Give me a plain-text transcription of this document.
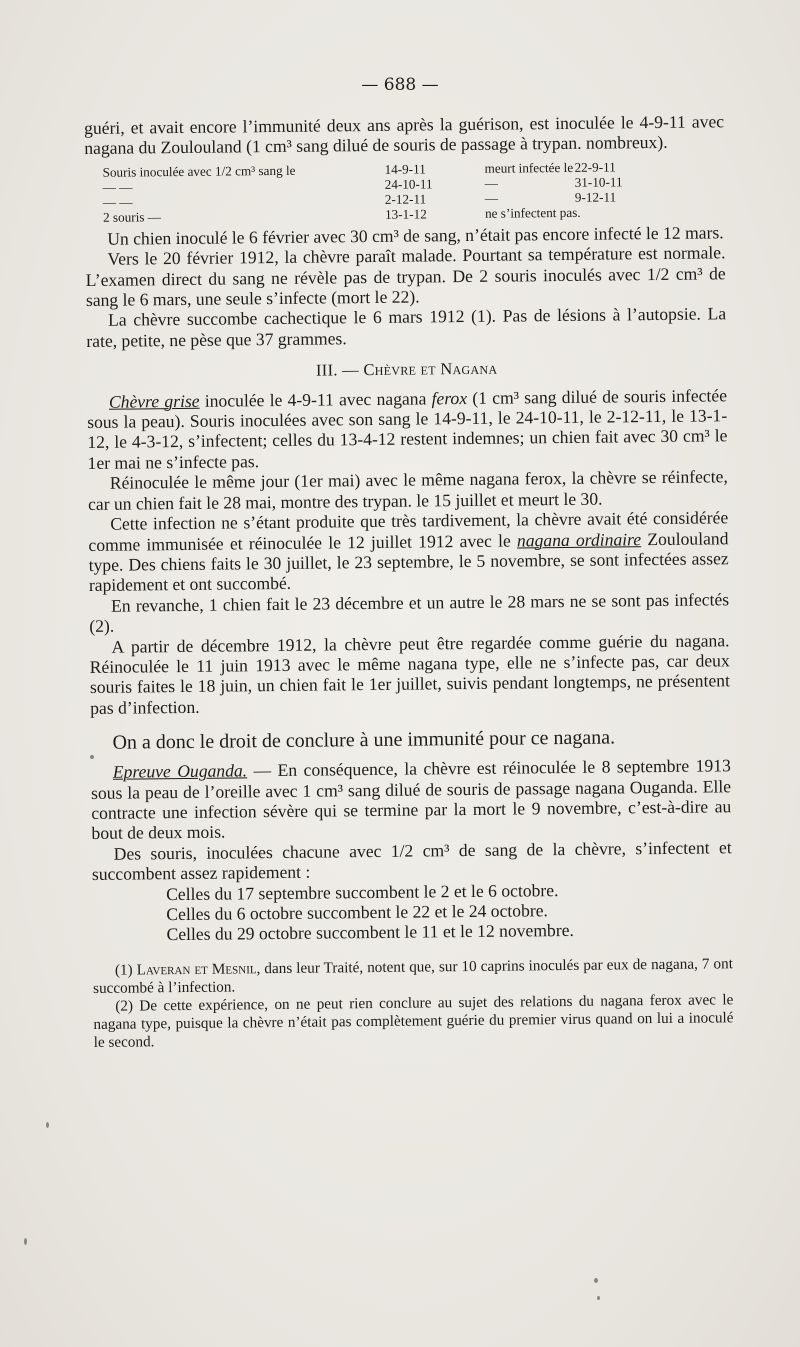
— 688 —

guéri, et avait encore l’immunité deux ans après la guérison, est inoculée le 4-9-11 avec nagana du Zoulouland (1 cm³ sang dilué de souris de passage à trypan. nombreux).

Souris inoculée avec 1/2 cm³ sang le	14-9-11	meurt infectée le 22-9-11
— —	24-10-11	—	31-10-11
— —	2-12-11	—	9-12-11
2 souris —	13-1-12	ne s’infectent pas.

Un chien inoculé le 6 février avec 30 cm³ de sang, n’était pas encore infecté le 12 mars.

Vers le 20 février 1912, la chèvre paraît malade. Pourtant sa température est normale. L’examen direct du sang ne révèle pas de trypan. De 2 souris inoculés avec 1/2 cm³ de sang le 6 mars, une seule s’infecte (mort le 22).

La chèvre succombe cachectique le 6 mars 1912 (1). Pas de lésions à l’autopsie. La rate, petite, ne pèse que 37 grammes.

III. — Chèvre et Nagana

Chèvre grise inoculée le 4-9-11 avec nagana ferox (1 cm³ sang dilué de souris infectée sous la peau). Souris inoculées avec son sang le 14-9-11, le 24-10-11, le 2-12-11, le 13-1-12, le 4-3-12, s’infectent; celles du 13-4-12 restent indemnes; un chien fait avec 30 cm³ le 1er mai ne s’infecte pas.

Réinoculée le même jour (1er mai) avec le même nagana ferox, la chèvre se réinfecte, car un chien fait le 28 mai, montre des trypan. le 15 juillet et meurt le 30.

Cette infection ne s’étant produite que très tardivement, la chèvre avait été considérée comme immunisée et réinoculée le 12 juillet 1912 avec le nagana ordinaire Zoulouland type. Des chiens faits le 30 juillet, le 23 septembre, le 5 novembre, se sont infectées assez rapidement et ont succombé.

En revanche, 1 chien fait le 23 décembre et un autre le 28 mars ne se sont pas infectés (2).

A partir de décembre 1912, la chèvre peut être regardée comme guérie du nagana. Réinoculée le 11 juin 1913 avec le même nagana type, elle ne s’infecte pas, car deux souris faites le 18 juin, un chien fait le 1er juillet, suivis pendant longtemps, ne présentent pas d’infection.

On a donc le droit de conclure à une immunité pour ce nagana.

Epreuve Ouganda. — En conséquence, la chèvre est réinoculée le 8 septembre 1913 sous la peau de l’oreille avec 1 cm³ sang dilué de souris de passage nagana Ouganda. Elle contracte une infection sévère qui se termine par la mort le 9 novembre, c’est-à-dire au bout de deux mois.

Des souris, inoculées chacune avec 1/2 cm³ de sang de la chèvre, s’infectent et succombent assez rapidement :

Celles du 17 septembre succombent le 2 et le 6 octobre.
Celles du 6 octobre succombent le 22 et le 24 octobre.
Celles du 29 octobre succombent le 11 et le 12 novembre.

(1) Laveran et Mesnil, dans leur Traité, notent que, sur 10 caprins inoculés par eux de nagana, 7 ont succombé à l’infection.

(2) De cette expérience, on ne peut rien conclure au sujet des relations du nagana ferox avec le nagana type, puisque la chèvre n’était pas complètement guérie du premier virus quand on lui a inoculé le second.
